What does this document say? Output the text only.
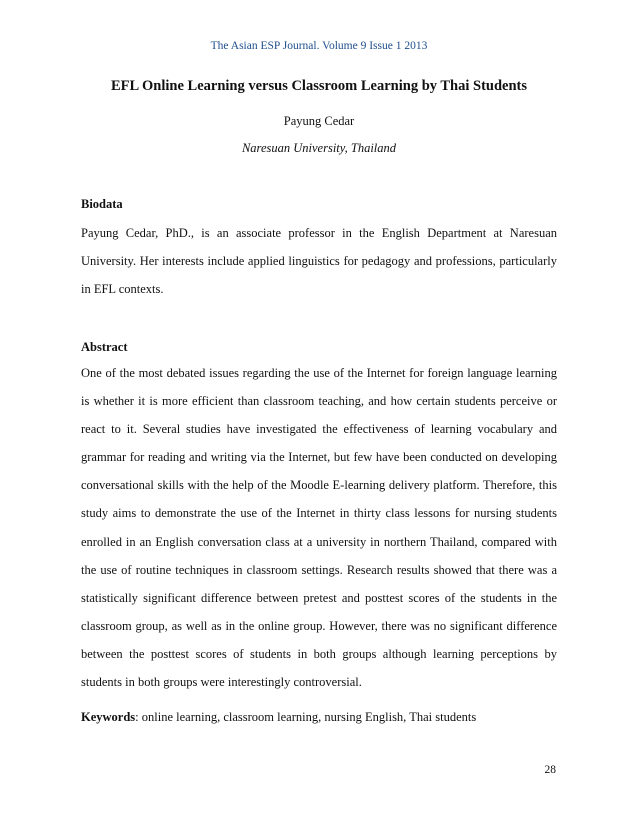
The Asian ESP Journal. Volume 9 Issue 1 2013
EFL Online Learning versus Classroom Learning by Thai Students
Payung Cedar
Naresuan University, Thailand
Biodata
Payung Cedar, PhD., is an associate professor in the English Department at Naresuan University. Her interests include applied linguistics for pedagogy and professions, particularly in EFL contexts.
Abstract
One of the most debated issues regarding the use of the Internet for foreign language learning is whether it is more efficient than classroom teaching, and how certain students perceive or react to it. Several studies have investigated the effectiveness of learning vocabulary and grammar for reading and writing via the Internet, but few have been conducted on developing conversational skills with the help of the Moodle E-learning delivery platform. Therefore, this study aims to demonstrate the use of the Internet in thirty class lessons for nursing students enrolled in an English conversation class at a university in northern Thailand, compared with the use of routine techniques in classroom settings. Research results showed that there was a statistically significant difference between pretest and posttest scores of the students in the classroom group, as well as in the online group. However, there was no significant difference between the posttest scores of students in both groups although learning perceptions by students in both groups were interestingly controversial.
Keywords: online learning, classroom learning, nursing English, Thai students
28
